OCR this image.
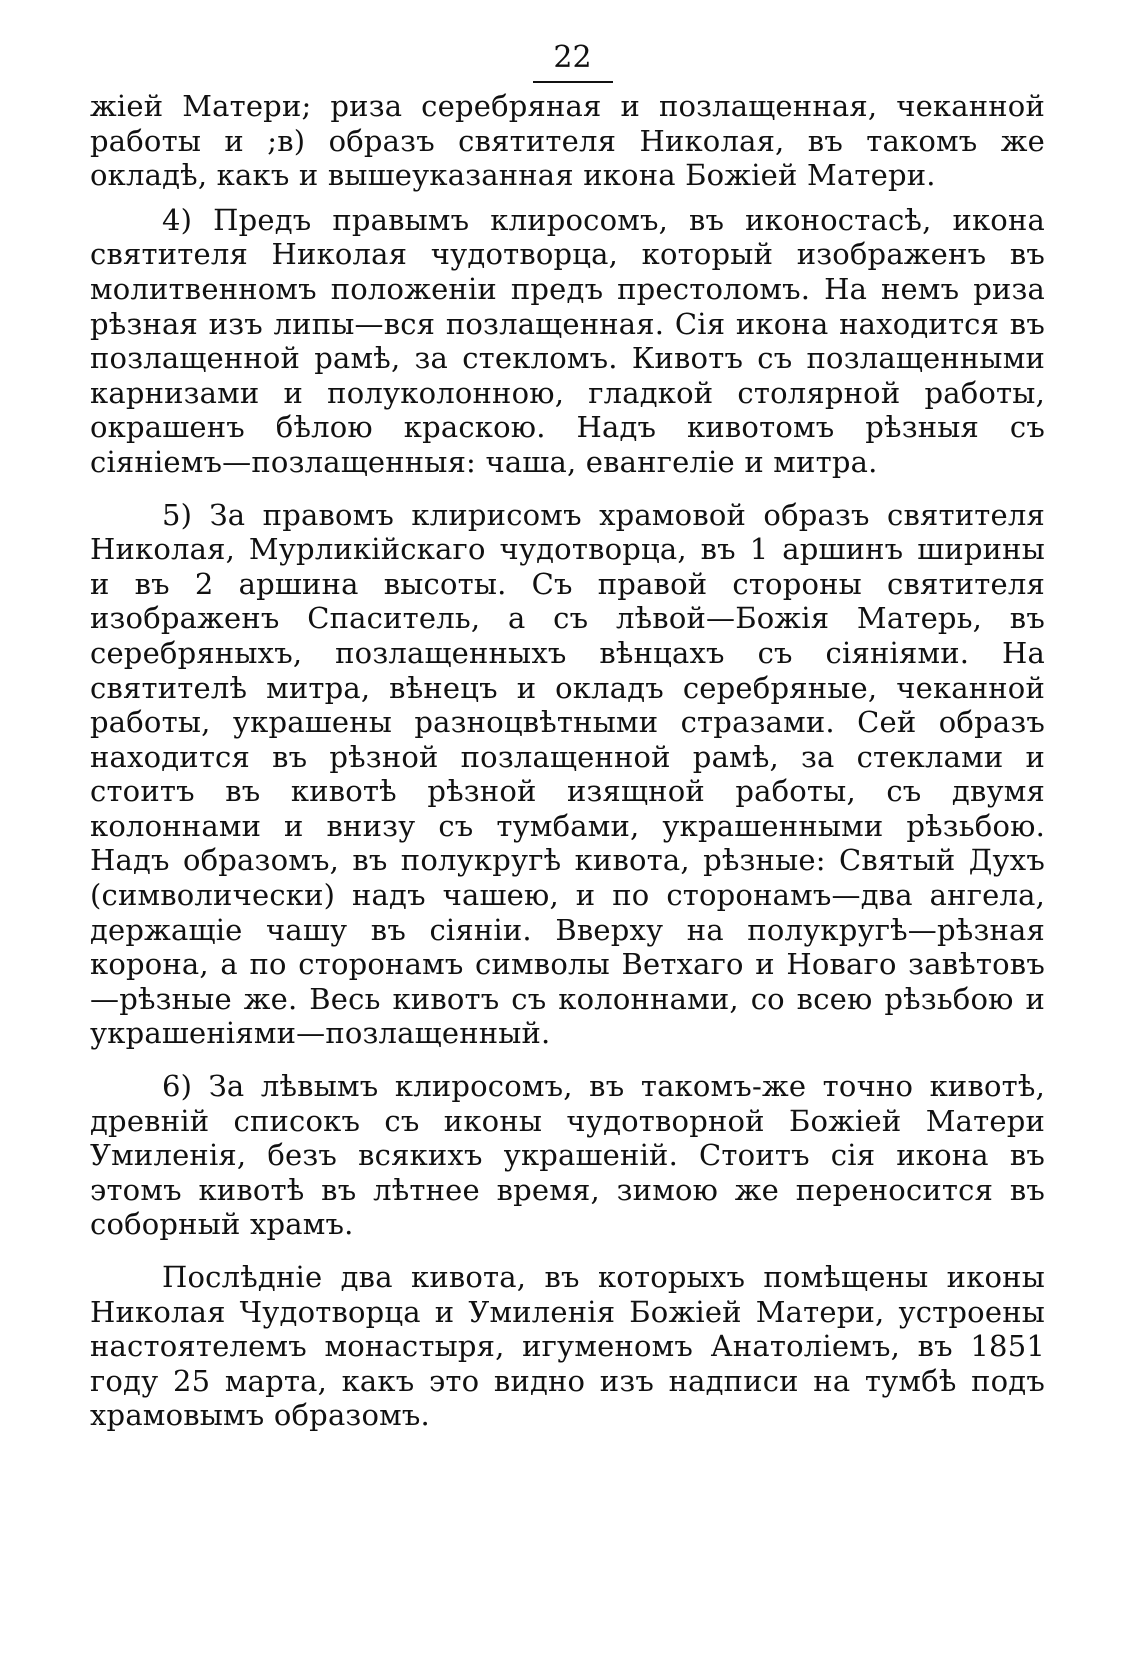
22

жіей Матери; риза серебряная и позлащенная, чеканной работы и ;в) образъ святителя Николая, въ такомъ же окладѣ, какъ и вышеуказанная икона Божіей Матери.

4) Предъ правымъ клиросомъ, въ иконостасѣ, икона святителя Николая чудотворца, который изображенъ въ молитвенномъ положеніи предъ престоломъ. На немъ риза рѣзная изъ липы—вся позлащенная. Сія икона находится въ позлащенной рамѣ, за стекломъ. Кивотъ съ позлащенными карнизами и полуколонною, гладкой столярной работы, окрашенъ бѣлою краскою. Надъ кивотомъ рѣзныя съ сіяніемъ—позлащенныя: чаша, евангеліе и митра.

5) За правомъ клирисомъ храмовой образъ святителя Николая, Мурликійскаго чудотворца, въ 1 аршинъ ширины и въ 2 аршина высоты. Съ правой стороны святителя изображенъ Спаситель, а съ лѣвой—Божія Матерь, въ серебряныхъ, позлащенныхъ вѣнцахъ съ сіяніями. На святителѣ митра, вѣнецъ и окладъ серебряные, чеканной работы, украшены разноцвѣтными стразами. Сей образъ находится въ рѣзной позлащенной рамѣ, за стеклами и стоитъ въ кивотѣ рѣзной изящной работы, съ двумя колоннами и внизу съ тумбами, украшенными рѣзьбою. Надъ образомъ, въ полукругѣ кивота, рѣзные: Святый Духъ (символически) надъ чашею, и по сторонамъ—два ангела, держащіе чашу въ сіяніи. Вверху на полукругѣ—рѣзная корона, а по сторонамъ символы Ветхаго и Новаго завѣтовъ—рѣзные же. Весь кивотъ съ колоннами, со всею рѣзьбою и украшеніями—позлащенный.

6) За лѣвымъ клиросомъ, въ такомъ-же точно кивотѣ, древній списокъ съ иконы чудотворной Божіей Матери Умиленія, безъ всякихъ украшеній. Стоитъ сія икона въ этомъ кивотѣ въ лѣтнее время, зимою же переносится въ соборный храмъ.

Послѣдніе два кивота, въ которыхъ помѣщены иконы Николая Чудотворца и Умиленія Божіей Матери, устроены настоятелемъ монастыря, игуменомъ Анатоліемъ, въ 1851 году 25 марта, какъ это видно изъ надписи на тумбѣ подъ храмовымъ образомъ.
